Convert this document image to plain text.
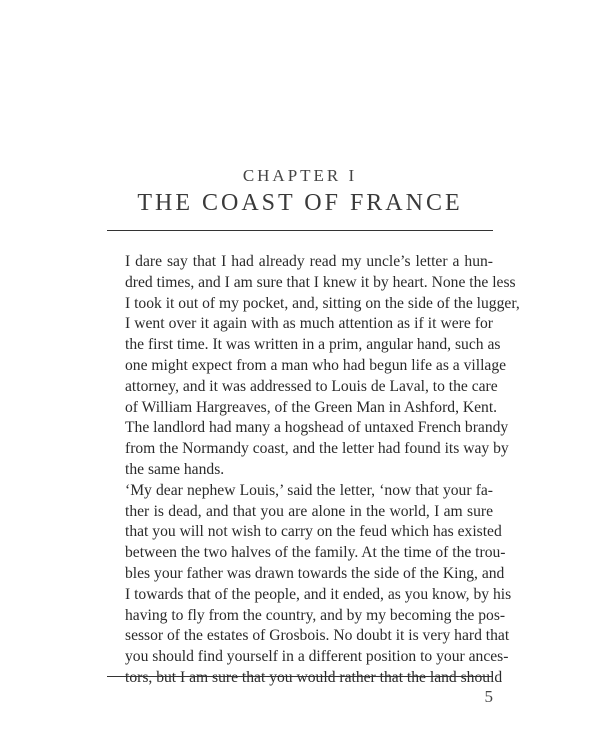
CHAPTER I
THE COAST OF FRANCE

I dare say that I had already read my uncle’s letter a hun-
dred times, and I am sure that I knew it by heart. None the less
I took it out of my pocket, and, sitting on the side of the lugger,
I went over it again with as much attention as if it were for
the first time. It was written in a prim, angular hand, such as
one might expect from a man who had begun life as a village
attorney, and it was addressed to Louis de Laval, to the care
of William Hargreaves, of the Green Man in Ashford, Kent.
The landlord had many a hogshead of untaxed French brandy
from the Normandy coast, and the letter had found its way by
the same hands.

‘My dear nephew Louis,’ said the letter, ‘now that your fa-
ther is dead, and that you are alone in the world, I am sure
that you will not wish to carry on the feud which has existed
between the two halves of the family. At the time of the trou-
bles your father was drawn towards the side of the King, and
I towards that of the people, and it ended, as you know, by his
having to fly from the country, and by my becoming the pos-
sessor of the estates of Grosbois. No doubt it is very hard that
you should find yourself in a different position to your ances-
tors, but I am sure that you would rather that the land should

5
